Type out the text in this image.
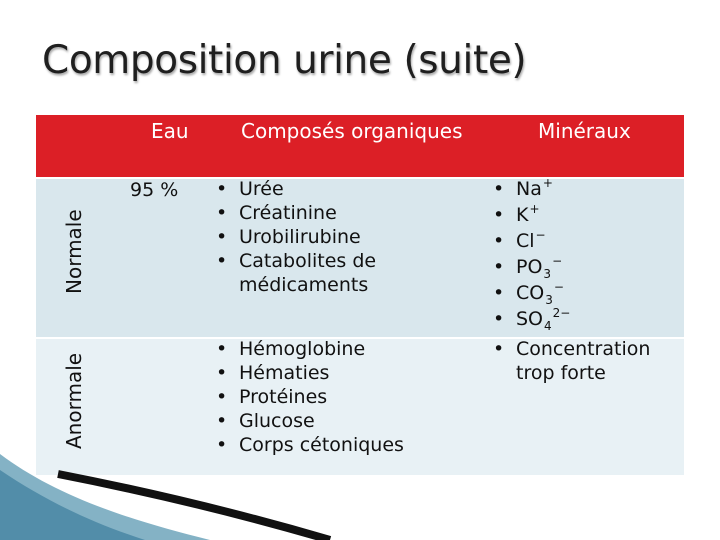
Composition urine (suite)
Eau	Composés organiques	Minéraux
Normale
Anormale
95 %
•	Urée
• Créatinine
• Urobilirubine
• Catabolites de
médicaments
• Na+
• K+
• Cl−
• $PO_3^-$
• $CO_3^-$
• $SO_4^{2-}$
• Hémoglobine
• Hématies
• Protéines
• Glucose
• Corps cétoniques
• Concentration
trop forte
